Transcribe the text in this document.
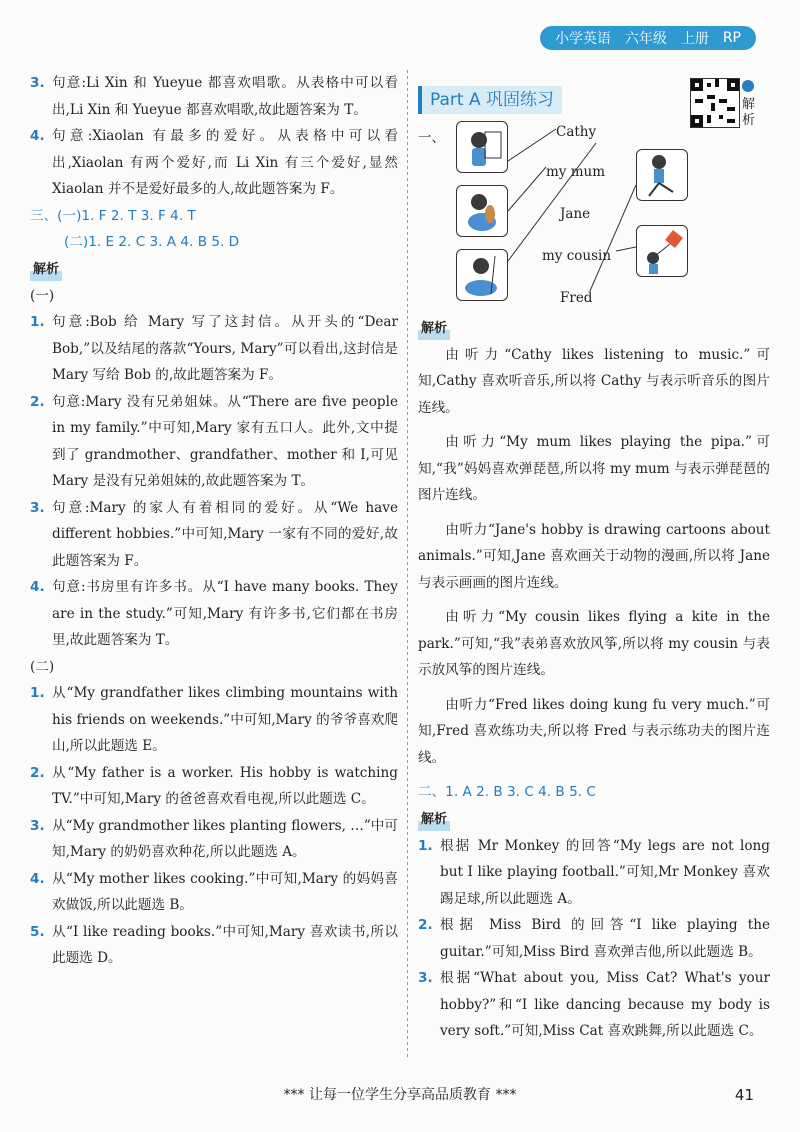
小学英语 六年级 上册 RP
3. 句意:Li Xin 和 Yueyue 都喜欢唱歌。从表格中可以看出,Li Xin 和 Yueyue 都喜欢唱歌,故此题答案为 T。
4. 句意:Xiaolan 有最多的爱好。从表格中可以看出,Xiaolan 有两个爱好,而 Li Xin 有三个爱好,显然 Xiaolan 并不是爱好最多的人,故此题答案为 F。
三、(一)1. F 2. T 3. F 4. T
(二)1. E 2. C 3. A 4. B 5. D
解析
(一)
1. 句意:Bob 给 Mary 写了这封信。从开头的“Dear Bob,”以及结尾的落款“Yours, Mary”可以看出,这封信是 Mary 写给 Bob 的,故此题答案为 F。
2. 句意:Mary 没有兄弟姐妹。从“There are five people in my family.”中可知,Mary 家有五口人。此外,文中提到了 grandmother、grandfather、mother 和 I,可见 Mary 是没有兄弟姐妹的,故此题答案为 T。
3. 句意:Mary 的家人有着相同的爱好。从“We have different hobbies.”中可知,Mary 一家有不同的爱好,故此题答案为 F。
4. 句意:书房里有许多书。从“I have many books. They are in the study.”可知,Mary 有许多书,它们都在书房里,故此题答案为 T。
(二)
1. 从“My grandfather likes climbing mountains with his friends on weekends.”中可知,Mary 的爷爷喜欢爬山,所以此题选 E。
2. 从“My father is a worker. His hobby is watching TV.”中可知,Mary 的爸爸喜欢看电视,所以此题选 C。
3. 从“My grandmother likes planting flowers, …”中可知,Mary 的奶奶喜欢种花,所以此题选 A。
4. 从“My mother likes cooking.”中可知,Mary 的妈妈喜欢做饭,所以此题选 B。
5. 从“I like reading books.”中可知,Mary 喜欢读书,所以此题选 D。
解析
Part A 巩固练习
一、	Cathy
my mum
Jane
my cousin
Fred
解析

由听力“Cathy likes listening to music.”可知,Cathy 喜欢听音乐,所以将 Cathy 与表示听音乐的图片连线。

由听力“My mum likes playing the pipa.”可知,“我”妈妈喜欢弹琵琶,所以将 my mum 与表示弹琵琶的图片连线。

由听力“Jane's hobby is drawing cartoons about animals.”可知,Jane 喜欢画关于动物的漫画,所以将 Jane 与表示画画的图片连线。

由听力“My cousin likes flying a kite in the park.”可知,“我”表弟喜欢放风筝,所以将 my cousin 与表示放风筝的图片连线。

由听力“Fred likes doing kung fu very much.”可知,Fred 喜欢练功夫,所以将 Fred 与表示练功夫的图片连线。

二、1. A 2. B 3. C 4. B 5. C
解析
1. 根据 Mr Monkey 的回答“My legs are not long but I like playing football.”可知,Mr Monkey 喜欢踢足球,所以此题选 A。
2. 根据 Miss Bird 的回答“I like playing the guitar.”可知,Miss Bird 喜欢弹吉他,所以此题选 B。
3. 根据“What about you, Miss Cat? What's your hobby?”和“I like dancing because my body is very soft.”可知,Miss Cat 喜欢跳舞,所以此题选 C。
*** 让每一位学生分享高品质教育 ***	41
